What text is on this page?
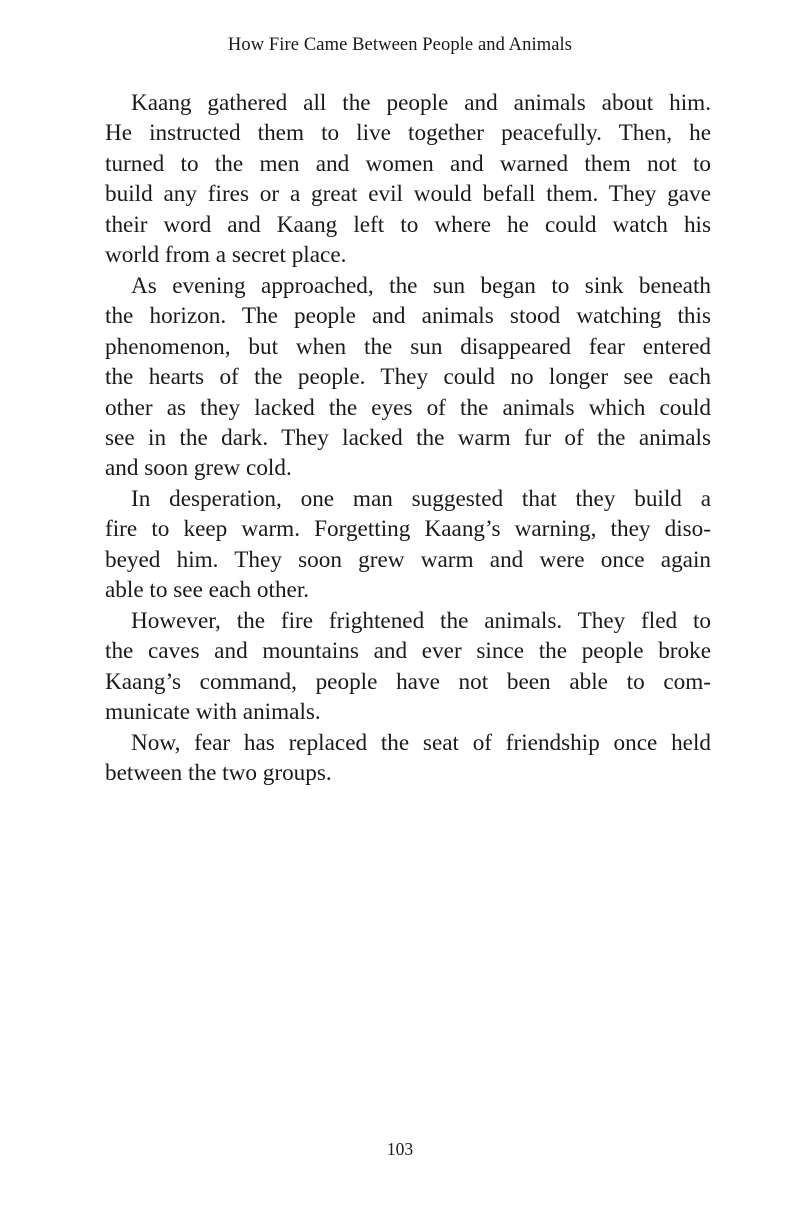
How Fire Came Between People and Animals

Kaang gathered all the people and animals about him.
He instructed them to live together peacefully. Then, he
turned to the men and women and warned them not to
build any fires or a great evil would befall them. They gave
their word and Kaang left to where he could watch his
world from a secret place.

As evening approached, the sun began to sink beneath
the horizon. The people and animals stood watching this
phenomenon, but when the sun disappeared fear entered
the hearts of the people. They could no longer see each
other as they lacked the eyes of the animals which could
see in the dark. They lacked the warm fur of the animals
and soon grew cold.

In desperation, one man suggested that they build a
fire to keep warm. Forgetting Kaang’s warning, they diso-
beyed him. They soon grew warm and were once again
able to see each other.

However, the fire frightened the animals. They fled to
the caves and mountains and ever since the people broke
Kaang’s command, people have not been able to com-
municate with animals.

Now, fear has replaced the seat of friendship once held
between the two groups.

103
